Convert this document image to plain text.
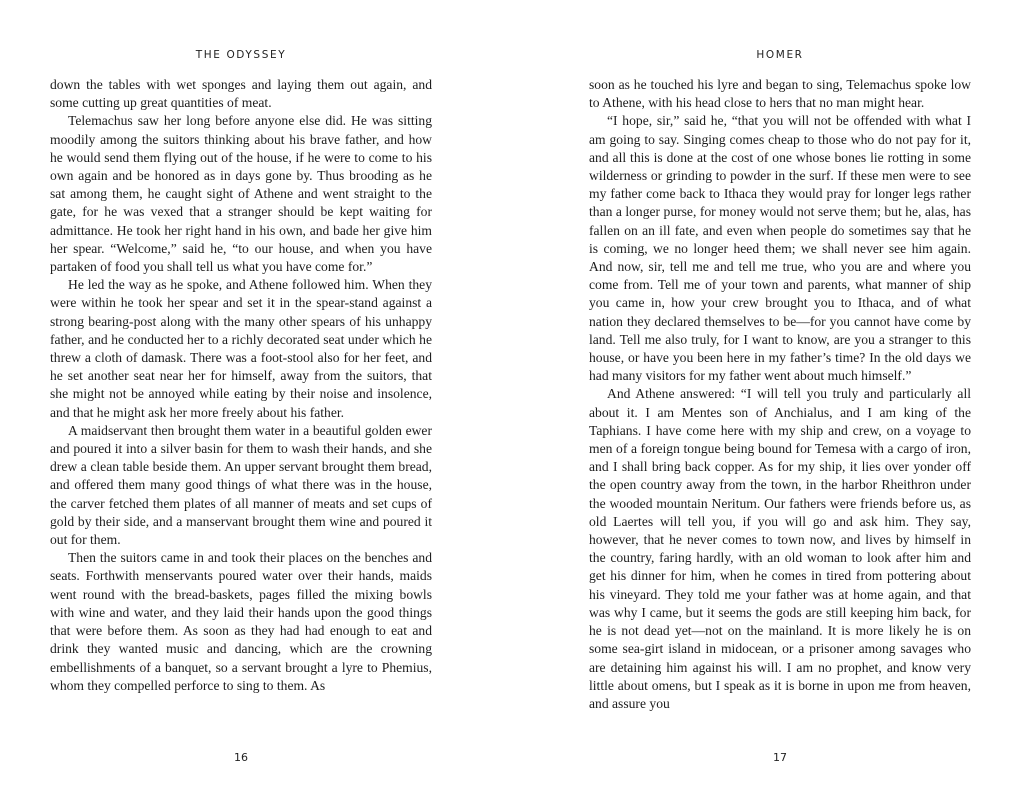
THE ODYSSEY

down the tables with wet sponges and laying them out again, and some cutting up great quantities of meat.

Telemachus saw her long before anyone else did. He was sitting moodily among the suitors thinking about his brave father, and how he would send them flying out of the house, if he were to come to his own again and be honored as in days gone by. Thus brooding as he sat among them, he caught sight of Athene and went straight to the gate, for he was vexed that a stranger should be kept waiting for admittance. He took her right hand in his own, and bade her give him her spear. “Welcome,” said he, “to our house, and when you have partaken of food you shall tell us what you have come for.”

He led the way as he spoke, and Athene followed him. When they were within he took her spear and set it in the spear-stand against a strong bearing-post along with the many other spears of his unhappy father, and he conducted her to a richly decorated seat under which he threw a cloth of damask. There was a foot-stool also for her feet, and he set another seat near her for himself, away from the suitors, that she might not be annoyed while eating by their noise and insolence, and that he might ask her more freely about his father.

A maidservant then brought them water in a beautiful golden ewer and poured it into a silver basin for them to wash their hands, and she drew a clean table beside them. An upper servant brought them bread, and offered them many good things of what there was in the house, the carver fetched them plates of all manner of meats and set cups of gold by their side, and a manservant brought them wine and poured it out for them.

Then the suitors came in and took their places on the benches and seats. Forthwith menservants poured water over their hands, maids went round with the bread-baskets, pages filled the mixing bowls with wine and water, and they laid their hands upon the good things that were before them. As soon as they had had enough to eat and drink they wanted music and dancing, which are the crowning embellishments of a banquet, so a servant brought a lyre to Phemius, whom they compelled perforce to sing to them. As

16
HOMER

soon as he touched his lyre and began to sing, Telemachus spoke low to Athene, with his head close to hers that no man might hear.

“I hope, sir,” said he, “that you will not be offended with what I am going to say. Singing comes cheap to those who do not pay for it, and all this is done at the cost of one whose bones lie rotting in some wilderness or grinding to powder in the surf. If these men were to see my father come back to Ithaca they would pray for longer legs rather than a longer purse, for money would not serve them; but he, alas, has fallen on an ill fate, and even when people do sometimes say that he is coming, we no longer heed them; we shall never see him again. And now, sir, tell me and tell me true, who you are and where you come from. Tell me of your town and parents, what manner of ship you came in, how your crew brought you to Ithaca, and of what nation they declared themselves to be—for you cannot have come by land. Tell me also truly, for I want to know, are you a stranger to this house, or have you been here in my father’s time? In the old days we had many visitors for my father went about much himself.”

And Athene answered: “I will tell you truly and particularly all about it. I am Mentes son of Anchialus, and I am king of the Taphians. I have come here with my ship and crew, on a voyage to men of a foreign tongue being bound for Temesa with a cargo of iron, and I shall bring back copper. As for my ship, it lies over yonder off the open country away from the town, in the harbor Rheithron under the wooded mountain Neritum. Our fathers were friends before us, as old Laertes will tell you, if you will go and ask him. They say, however, that he never comes to town now, and lives by himself in the country, faring hardly, with an old woman to look after him and get his dinner for him, when he comes in tired from pottering about his vineyard. They told me your father was at home again, and that was why I came, but it seems the gods are still keeping him back, for he is not dead yet—not on the mainland. It is more likely he is on some sea-girt island in midocean, or a prisoner among savages who are detaining him against his will. I am no prophet, and know very little about omens, but I speak as it is borne in upon me from heaven, and assure you

17
